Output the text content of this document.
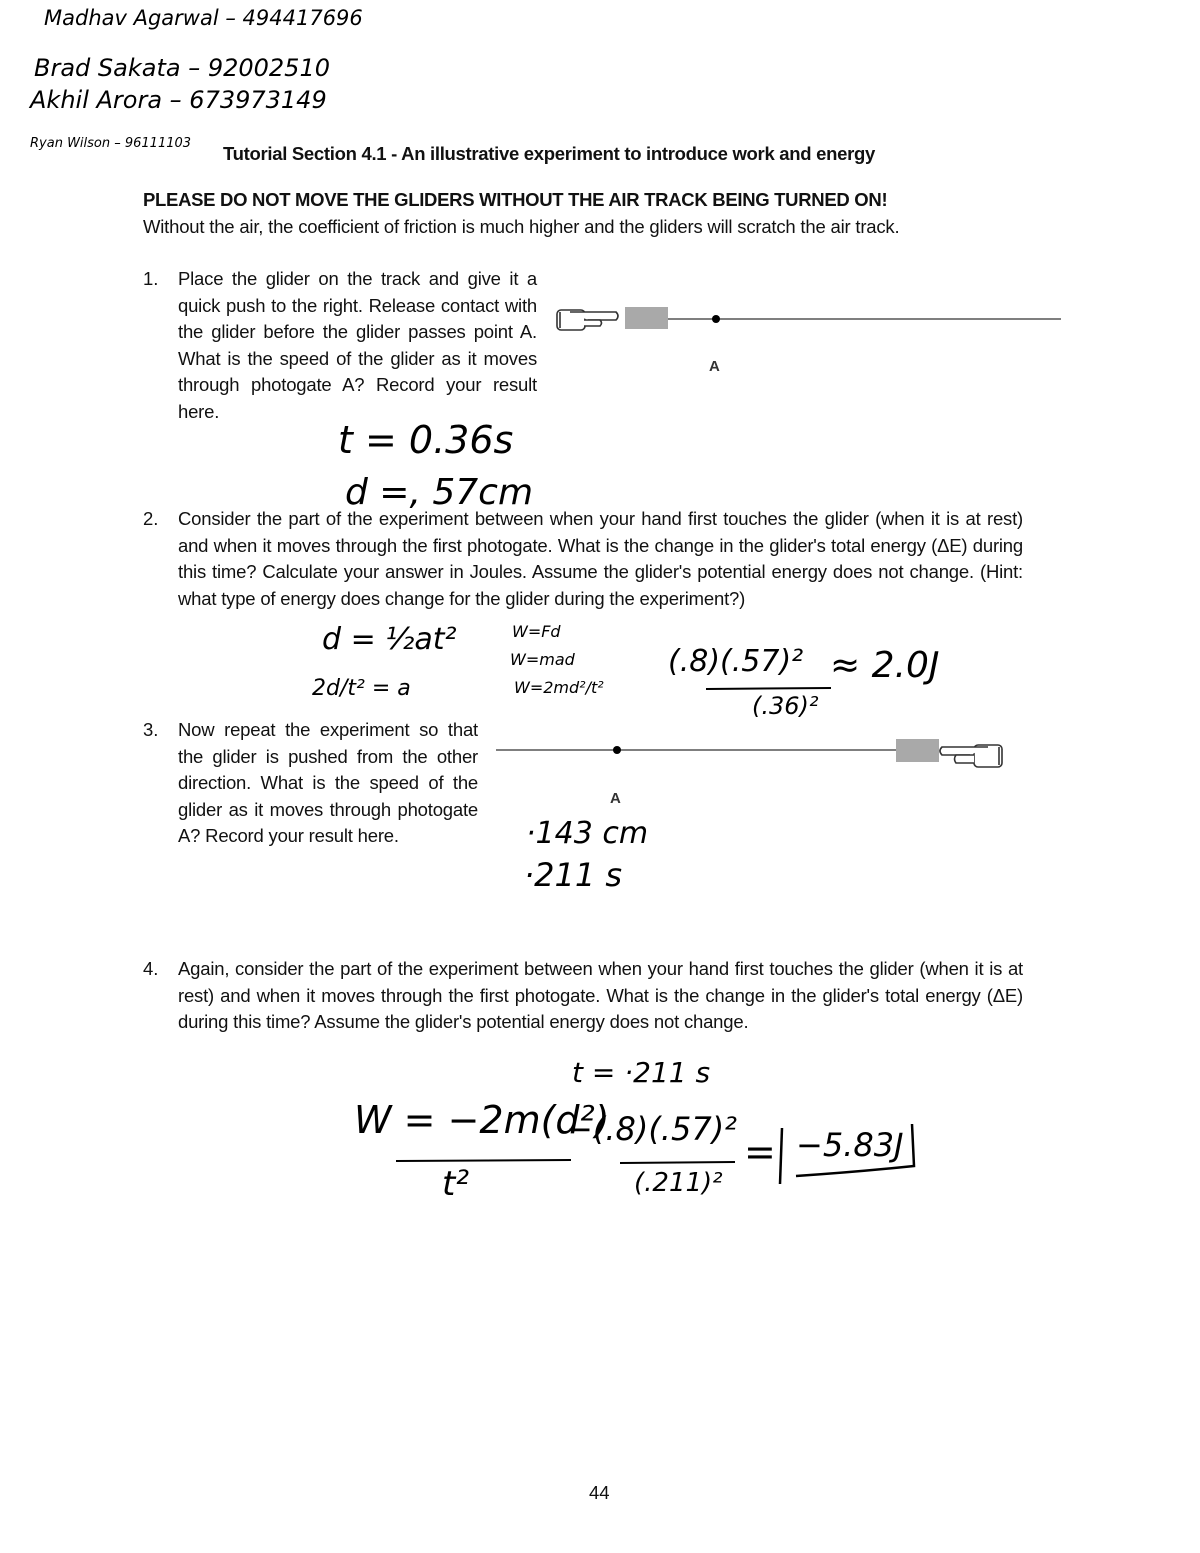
Madhav Agarwal – 494417696
Brad Sakata – 92002510
Akhil Arora – 673973149
Ryan Wilson – 96111103 Tutorial Section 4.1 - An illustrative experiment to introduce work and energy
PLEASE DO NOT MOVE THE GLIDERS WITHOUT THE AIR TRACK BEING TURNED ON!
Without the air, the coefficient of friction is much higher and the gliders will scratch the air track.
1. Place the glider on the track and give it a quick push to the right. Release contact with the glider before the glider passes point A. What is the speed of the glider as it moves through photogate A? Record your result here.
A
t = 0.36s
d =, 57cm
2. Consider the part of the experiment between when your hand first touches the glider (when it is at rest) and when it moves through the first photogate. What is the change in the glider's total energy (ΔE) during this time? Calculate your answer in Joules. Assume the glider's potential energy does not change. (Hint: what type of energy does change for the glider during the experiment?)
d = ½at²
2d/t² = a
W=Fd
W=mad
W=2md²/t²
(.8)(.57)²
(.36)²
≈ 2.0J
3. Now repeat the experiment so that the glider is pushed from the other direction. What is the speed of the glider as it moves through photogate A? Record your result here.
A
·143 cm
·211 s
4. Again, consider the part of the experiment between when your hand first touches the glider (when it is at rest) and when it moves through the first photogate. What is the change in the glider's total energy (ΔE) during this time? Assume the glider's potential energy does not change.
t = ·211 s
W = −2m(d²)
t²
−(.8)(.57)²
(.211)²
= −5.83J
44
